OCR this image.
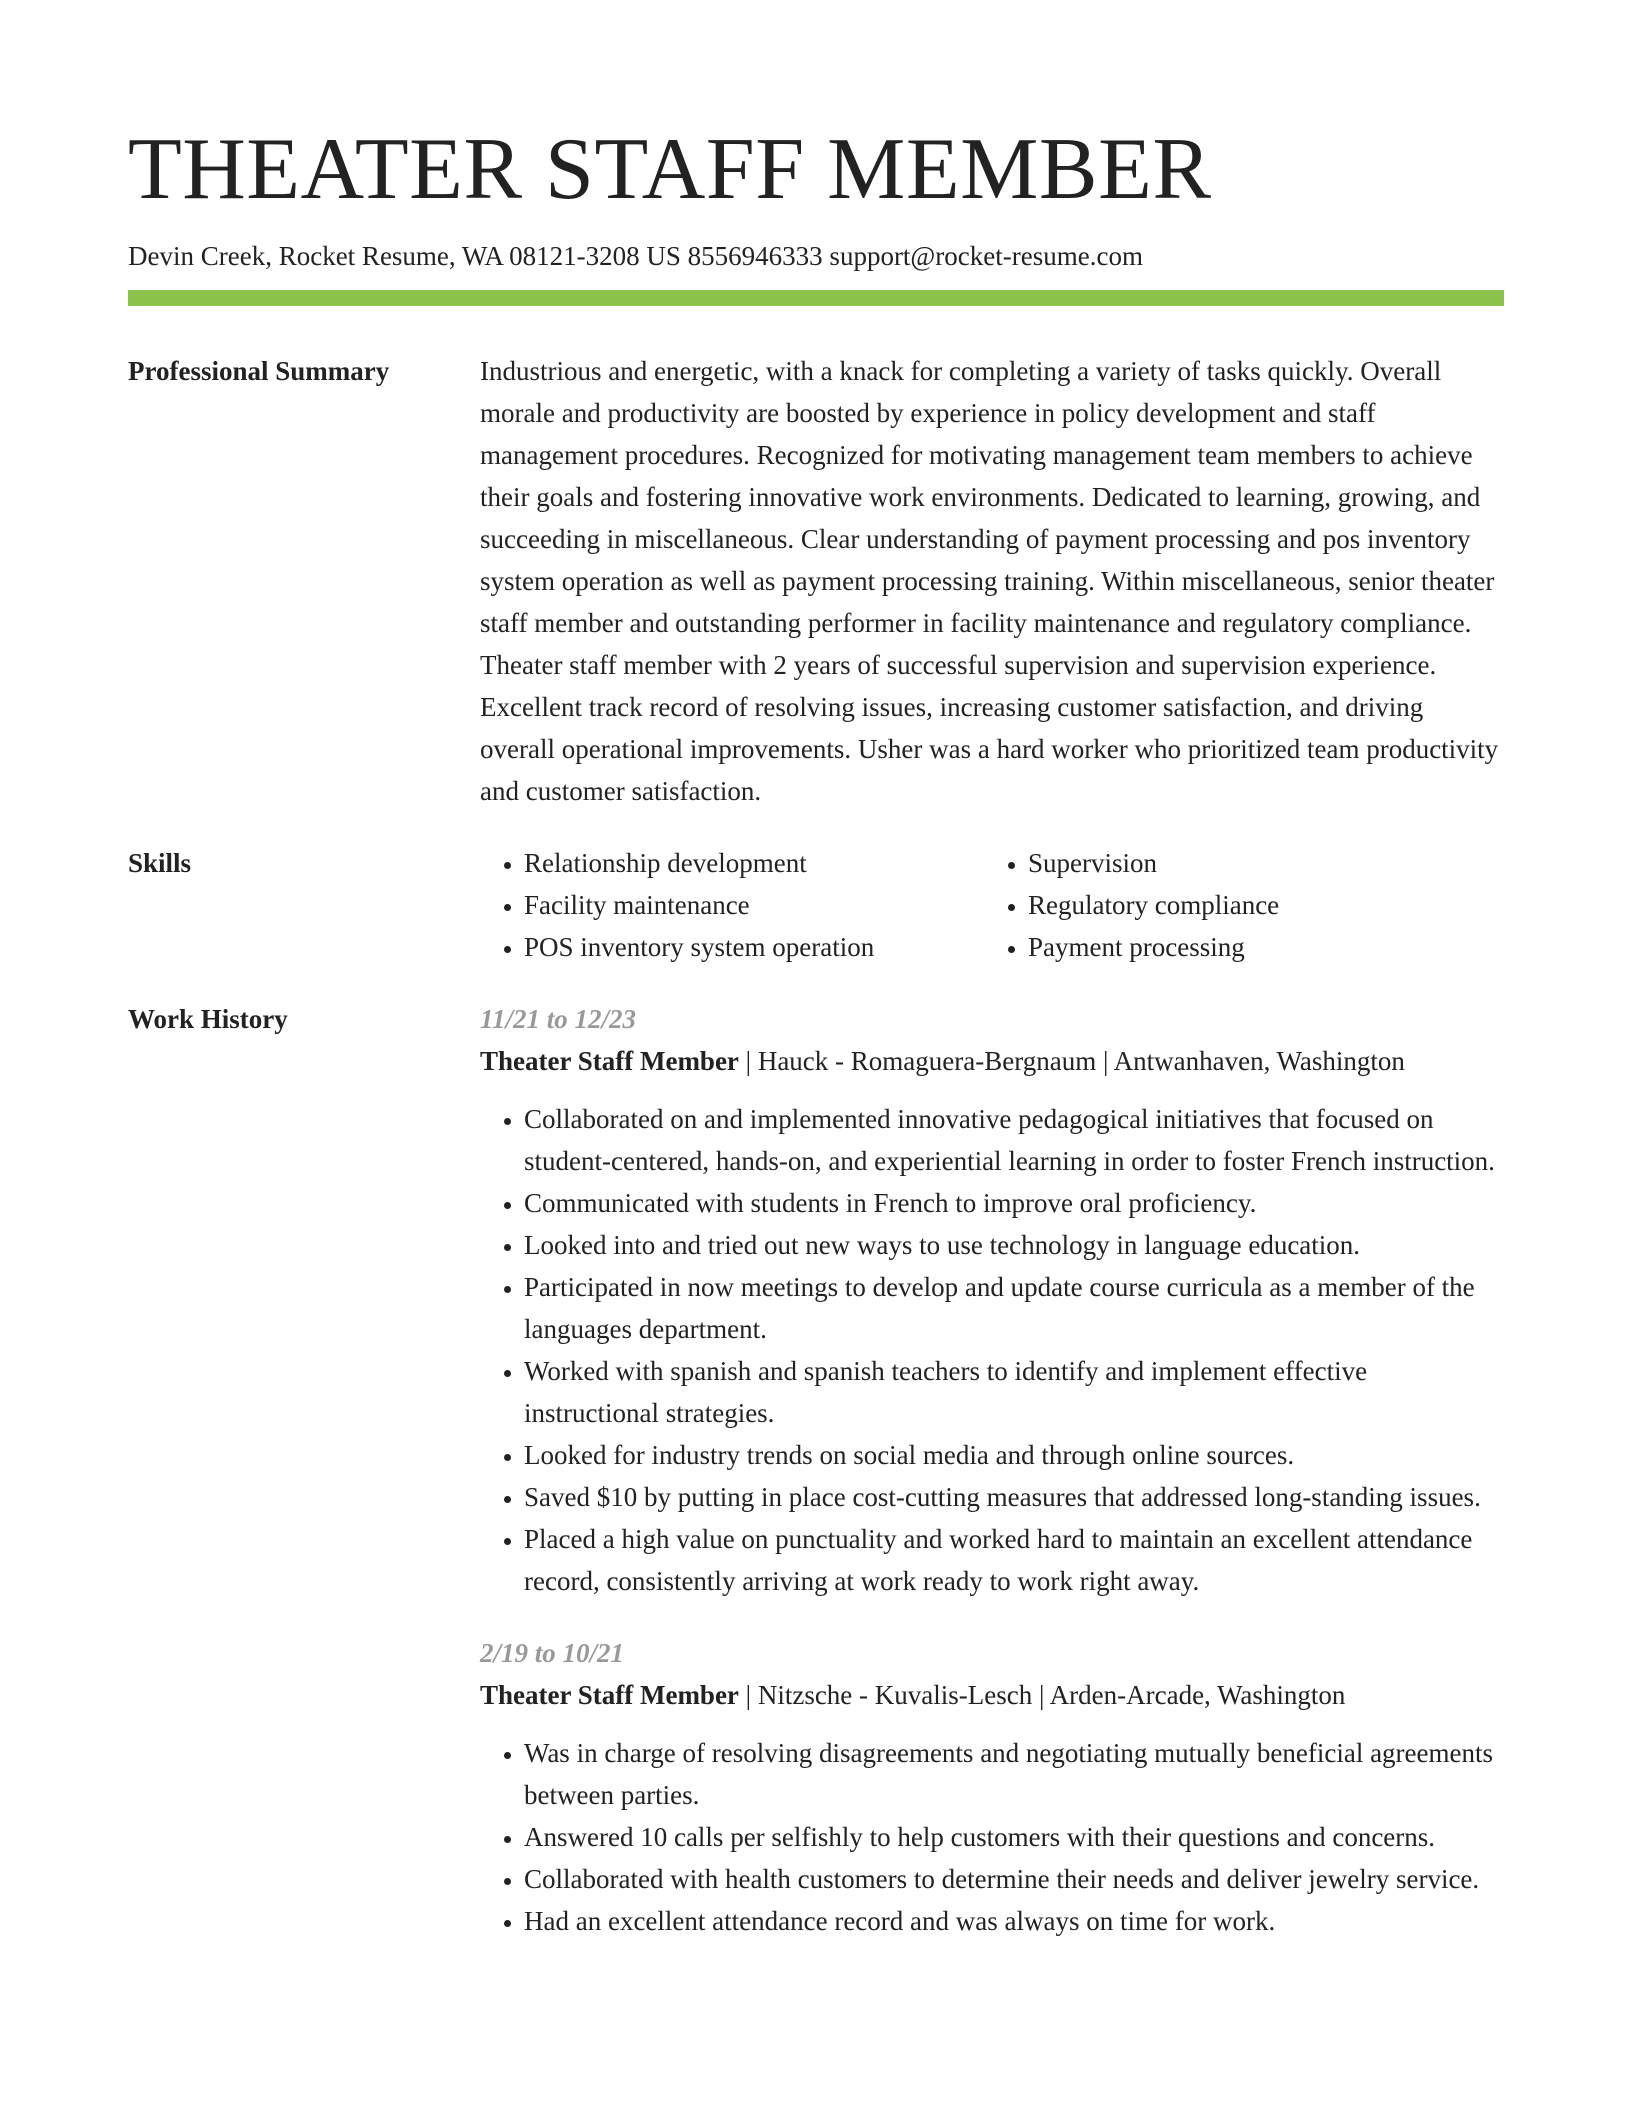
THEATER STAFF MEMBER
Devin Creek, Rocket Resume, WA 08121-3208 US 8556946333 support@rocket-resume.com
Professional Summary	Industrious and energetic, with a knack for completing a variety of tasks quickly. Overall morale and productivity are boosted by experience in policy development and staff management procedures. Recognized for motivating management team members to achieve their goals and fostering innovative work environments. Dedicated to learning, growing, and succeeding in miscellaneous. Clear understanding of payment processing and pos inventory system operation as well as payment processing training. Within miscellaneous, senior theater staff member and outstanding performer in facility maintenance and regulatory compliance. Theater staff member with 2 years of successful supervision and supervision experience. Excellent track record of resolving issues, increasing customer satisfaction, and driving overall operational improvements. Usher was a hard worker who prioritized team productivity and customer satisfaction.

Skills
•	Relationship development
• Facility maintenance
• POS inventory system operation
• Supervision
• Regulatory compliance
• Payment processing
Work History	11/21 to 12/23
Theater Staff Member | Hauck - Romaguera-Bergnaum | Antwanhaven, Washington
• Collaborated on and implemented innovative pedagogical initiatives that focused on student-centered, hands-on, and experiential learning in order to foster French instruction.
• Communicated with students in French to improve oral proficiency.
• Looked into and tried out new ways to use technology in language education.
• Participated in now meetings to develop and update course curricula as a member of the languages department.
• Worked with spanish and spanish teachers to identify and implement effective instructional strategies.
• Looked for industry trends on social media and through online sources.
• Saved $10 by putting in place cost-cutting measures that addressed long-standing issues.
• Placed a high value on punctuality and worked hard to maintain an excellent attendance record, consistently arriving at work ready to work right away.
2/19 to 10/21
Theater Staff Member | Nitzsche - Kuvalis-Lesch | Arden-Arcade, Washington
• Was in charge of resolving disagreements and negotiating mutually beneficial agreements between parties.
• Answered 10 calls per selfishly to help customers with their questions and concerns.
• Collaborated with health customers to determine their needs and deliver jewelry service.
• Had an excellent attendance record and was always on time for work.
